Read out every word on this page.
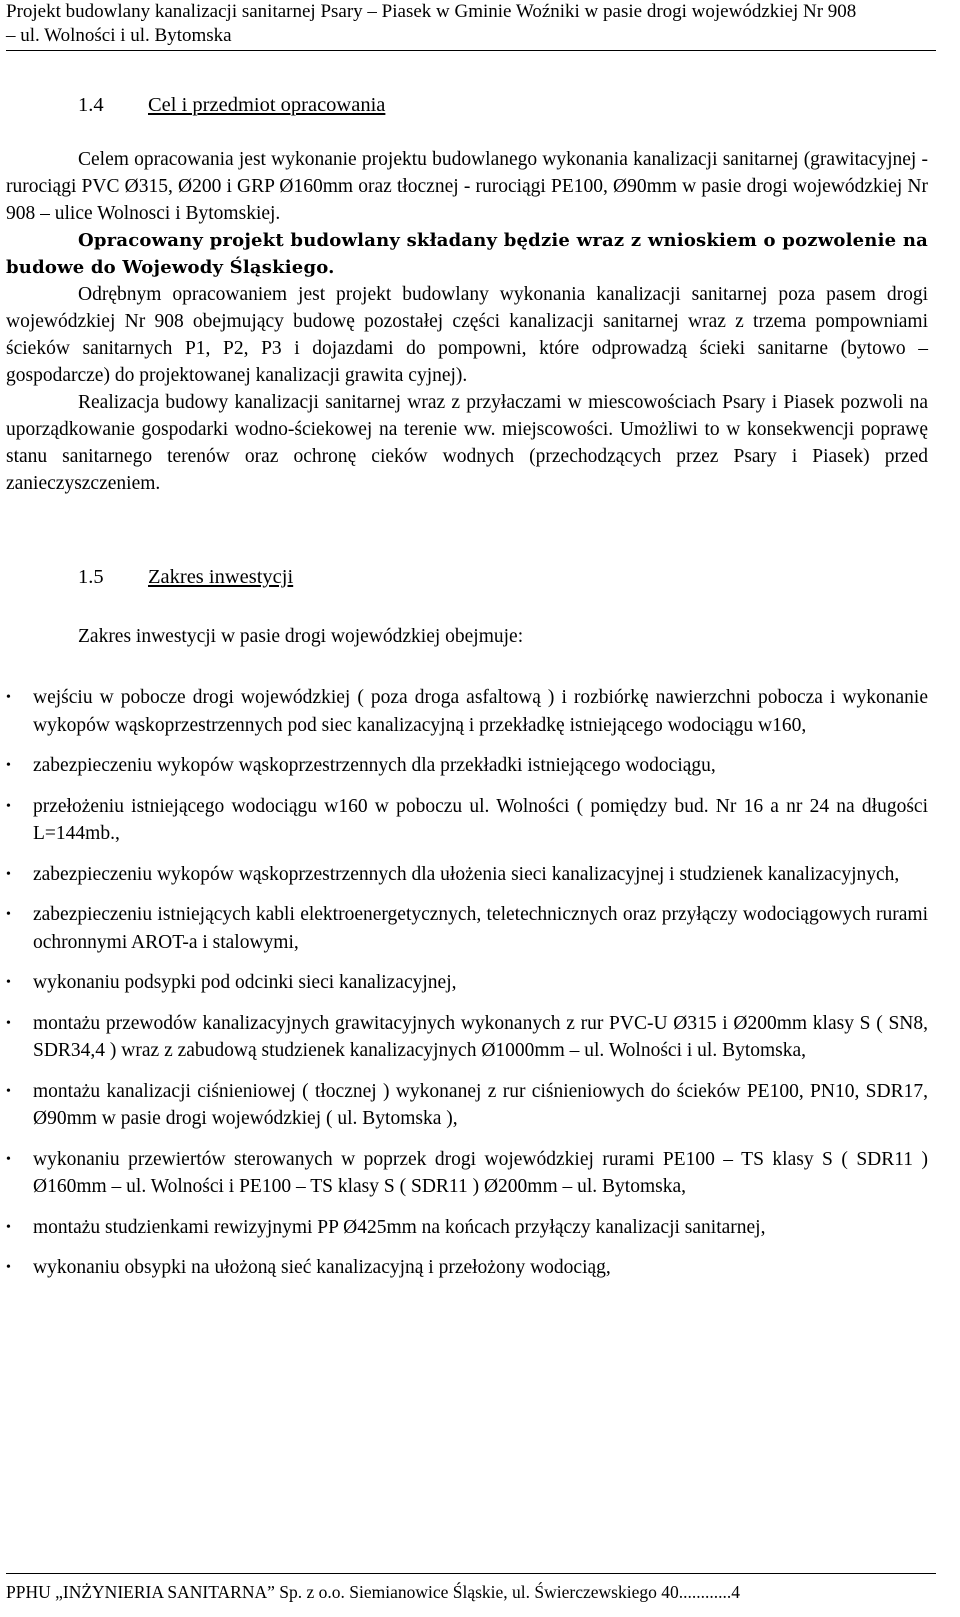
Projekt budowlany kanalizacji sanitarnej Psary – Piasek w Gminie Woźniki w pasie drogi wojewódzkiej Nr 908
– ul. Wolności i ul. Bytomska
1.4 Cel i przedmiot opracowania

Celem opracowania jest wykonanie projektu budowlanego wykonania kanalizacji sanitarnej (grawitacyjnej - rurociągi PVC Ø315, Ø200 i GRP Ø160mm oraz tłocznej - rurociągi PE100, Ø90mm w pasie drogi wojewódzkiej Nr 908 – ulice Wolnosci i Bytomskiej.

Opracowany projekt budowlany składany będzie wraz z wnioskiem o pozwolenie na budowe do Wojewody Śląskiego.

Odrębnym opracowaniem jest projekt budowlany wykonania kanalizacji sanitarnej poza pasem drogi wojewódzkiej Nr 908 obejmujący budowę pozostałej części kanalizacji sanitarnej wraz z trzema pompowniami ścieków sanitarnych P1, P2, P3 i dojazdami do pompowni, które odprowadzą ścieki sanitarne (bytowo – gospodarcze) do projektowanej kanalizacji grawita cyjnej).

Realizacja budowy kanalizacji sanitarnej wraz z przyłaczami w miescowościach Psary i Piasek pozwoli na uporządkowanie gospodarki wodno-ściekowej na terenie ww. miejscowości. Umożliwi to w konsekwencji poprawę stanu sanitarnego terenów oraz ochronę cieków wodnych (przechodzących przez Psary i Piasek) przed zanieczyszczeniem.

1.5 Zakres inwestycji
Zakres inwestycji w pasie drogi wojewódzkiej obejmuje:
• wejściu w pobocze drogi wojewódzkiej ( poza droga asfaltową ) i rozbiórkę nawierzchni pobocza i wykonanie wykopów wąskoprzestrzennych pod siec kanalizacyjną i przekładkę istniejącego wodociągu w160,
• zabezpieczeniu wykopów wąskoprzestrzennych dla przekładki istniejącego wodociągu,
• przełożeniu istniejącego wodociągu w160 w poboczu ul. Wolności ( pomiędzy bud. Nr 16 a nr 24 na długości L=144mb.,
• zabezpieczeniu wykopów wąskoprzestrzennych dla ułożenia sieci kanalizacyjnej i studzienek kanalizacyjnych,
• zabezpieczeniu istniejących kabli elektroenergetycznych, teletechnicznych oraz przyłączy wodociągowych rurami ochronnymi AROT-a i stalowymi,
• wykonaniu podsypki pod odcinki sieci kanalizacyjnej,
• montażu przewodów kanalizacyjnych grawitacyjnych wykonanych z rur PVC-U Ø315 i Ø200mm klasy S ( SN8, SDR34,4 ) wraz z zabudową studzienek kanalizacyjnych Ø1000mm – ul. Wolności i ul. Bytomska,
• montażu kanalizacji ciśnieniowej ( tłocznej ) wykonanej z rur ciśnieniowych do ścieków PE100, PN10, SDR17, Ø90mm w pasie drogi wojewódzkiej ( ul. Bytomska ),
• wykonaniu przewiertów sterowanych w poprzek drogi wojewódzkiej rurami PE100 – TS klasy S ( SDR11 ) Ø160mm – ul. Wolności i PE100 – TS klasy S ( SDR11 ) Ø200mm – ul. Bytomska,
• montażu studzienkami rewizyjnymi PP Ø425mm na końcach przyłączy kanalizacji sanitarnej,
• wykonaniu obsypki na ułożoną sieć kanalizacyjną i przełożony wodociąg,
PPHU „INŻYNIERIA SANITARNA” Sp. z o.o. Siemianowice Śląskie, ul. Świerczewskiego 40............4
